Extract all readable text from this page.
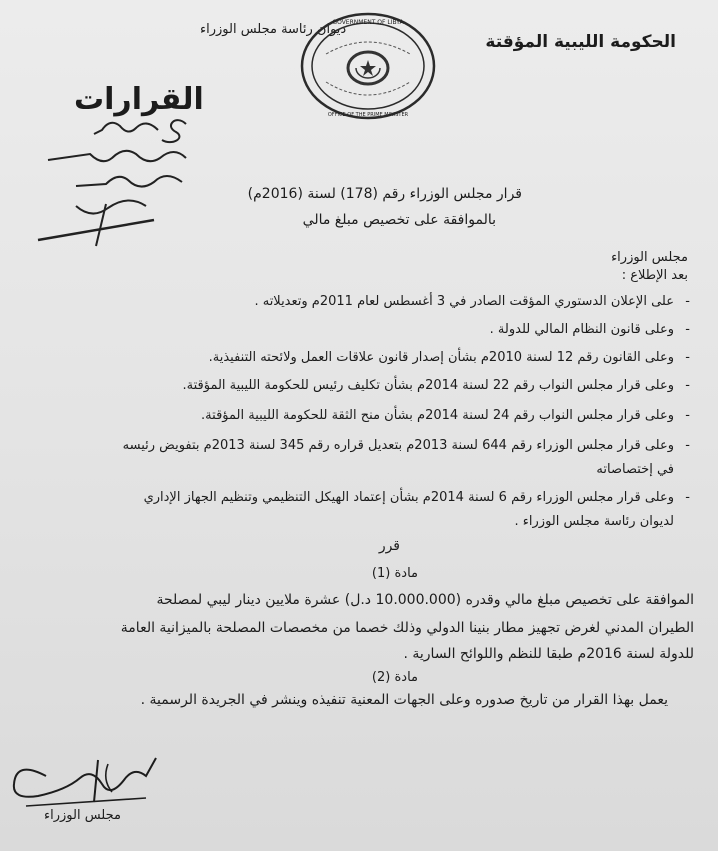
الحكومة الليبية المؤقتة
ديوان رئاسة مجلس الوزراء
القرارات
GOVERNMENT OF LIBYA
OFFICE OF THE PRIME MINISTER
قرار مجلس الوزراء رقم (178) لسنة (2016م)
بالموافقة على تخصيص مبلغ مالي
مجلس الوزراء
بعد الإطلاع :
على الإعلان الدستوري المؤقت الصادر في 3 أغسطس لعام 2011م وتعديلاته .
وعلى قانون النظام المالي للدولة .
وعلى القانون رقم 12 لسنة 2010م بشأن إصدار قانون علاقات العمل ولائحته التنفيذية.
وعلى قرار مجلس النواب رقم 22 لسنة 2014م بشأن تكليف رئيس للحكومة الليبية المؤقتة.
وعلى قرار مجلس النواب رقم 24 لسنة 2014م بشأن منح الثقة للحكومة الليبية المؤقتة.
وعلى قرار مجلس الوزراء رقم 644 لسنة 2013م بتعديل قراره رقم 345 لسنة 2013م بتفويض رئيسه
في إختصاصاته
وعلى قرار مجلس الوزراء رقم 6 لسنة 2014م بشأن إعتماد الهيكل التنظيمي وتنظيم الجهاز الإداري
لديوان رئاسة مجلس الوزراء .
-
-
-
-
-
-
-
قرر
مادة (1)
الموافقة على تخصيص مبلغ مالي وقدره (10.000.000 د.ل) عشرة ملايين دينار ليبي لمصلحة
الطيران المدني لغرض تجهيز مطار بنينا الدولي وذلك خصما من مخصصات المصلحة بالميزانية العامة
للدولة لسنة 2016م طبقا للنظم واللوائح السارية .
مادة (2)
يعمل بهذا القرار من تاريخ صدوره وعلى الجهات المعنية تنفيذه وينشر في الجريدة الرسمية .
مجلس الوزراء
